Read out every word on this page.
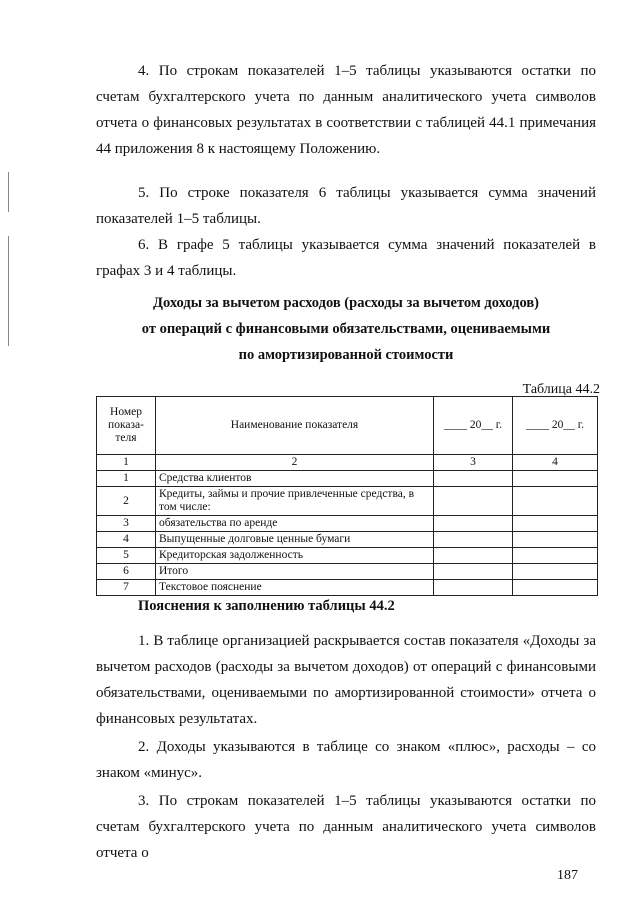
4. По строкам показателей 1–5 таблицы указываются остатки по счетам бухгалтерского учета по данным аналитического учета символов отчета о финансовых результатах в соответствии с таблицей 44.1 примечания 44 приложения 8 к настоящему Положению.

5. По строке показателя 6 таблицы указывается сумма значений показателей 1–5 таблицы.

6. В графе 5 таблицы указывается сумма значений показателей в графах 3 и 4 таблицы.

Доходы за вычетом расходов (расходы за вычетом доходов)
от операций с финансовыми обязательствами, оцениваемыми
по амортизированной стоимости
Таблица 44.2
Номер показа-теля	Наименование показателя	____ 20__ г.	____ 20__ г.
1	2	3	4
1	Средства клиентов		
2	Кредиты, займы и прочие привлеченные средства, в том числе:		
3	обязательства по аренде		
4	Выпущенные долговые ценные бумаги		
5	Кредиторская задолженность		
6	Итого		
7	Текстовое пояснение		
Пояснения к заполнению таблицы 44.2

1. В таблице организацией раскрывается состав показателя «Доходы за вычетом расходов (расходы за вычетом доходов) от операций с финансовыми обязательствами, оцениваемыми по амортизированной стоимости» отчета о финансовых результатах.

2. Доходы указываются в таблице со знаком «плюс», расходы – со знаком «минус».

3. По строкам показателей 1–5 таблицы указываются остатки по счетам бухгалтерского учета по данным аналитического учета символов отчета о

187
